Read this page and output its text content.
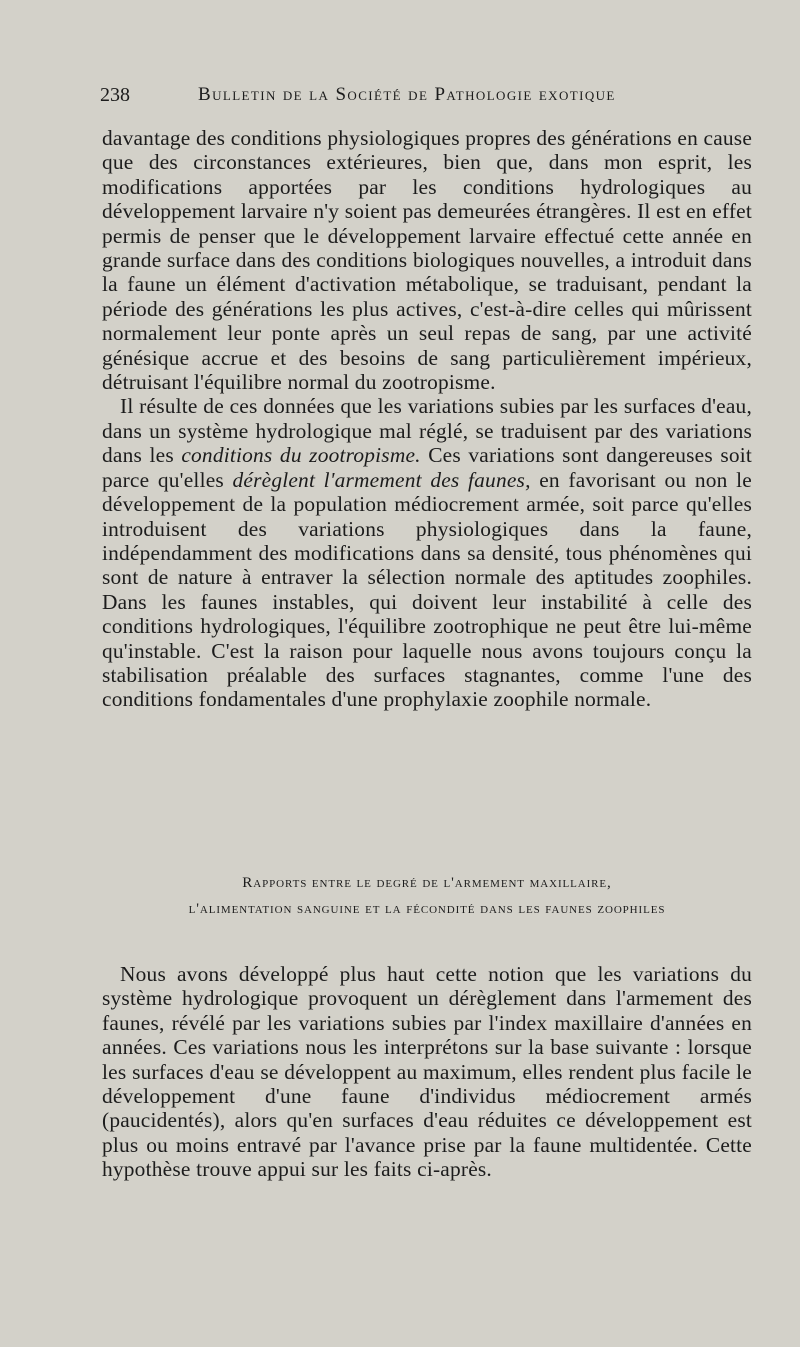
238	Bulletin de la Société de Pathologie exotique

davantage des conditions physiologiques propres des générations en cause que des circonstances extérieures, bien que, dans mon esprit, les modifications apportées par les conditions hydrologiques au développement larvaire n'y soient pas demeurées étrangères. Il est en effet permis de penser que le développement larvaire effectué cette année en grande surface dans des conditions biologiques nouvelles, a introduit dans la faune un élément d'activation métabolique, se traduisant, pendant la période des générations les plus actives, c'est-à-dire celles qui mûrissent normalement leur ponte après un seul repas de sang, par une activité génésique accrue et des besoins de sang particulièrement impérieux, détruisant l'équilibre normal du zootropisme.

Il résulte de ces données que les variations subies par les surfaces d'eau, dans un système hydrologique mal réglé, se traduisent par des variations dans les conditions du zootropisme. Ces variations sont dangereuses soit parce qu'elles dérèglent l'armement des faunes, en favorisant ou non le développement de la population médiocrement armée, soit parce qu'elles introduisent des variations physiologiques dans la faune, indépendamment des modifications dans sa densité, tous phénomènes qui sont de nature à entraver la sélection normale des aptitudes zoophiles. Dans les faunes instables, qui doivent leur instabilité à celle des conditions hydrologiques, l'équilibre zootrophique ne peut être lui-même qu'instable. C'est la raison pour laquelle nous avons toujours conçu la stabilisation préalable des surfaces stagnantes, comme l'une des conditions fondamentales d'une prophylaxie zoophile normale.

Rapports entre le degré de l'armement maxillaire,
l'alimentation sanguine et la fécondité dans les faunes zoophiles

Nous avons développé plus haut cette notion que les variations du système hydrologique provoquent un dérèglement dans l'armement des faunes, révélé par les variations subies par l'index maxillaire d'années en années. Ces variations nous les interprétons sur la base suivante : lorsque les surfaces d'eau se développent au maximum, elles rendent plus facile le développement d'une faune d'individus médiocrement armés (paucidentés), alors qu'en surfaces d'eau réduites ce développement est plus ou moins entravé par l'avance prise par la faune multidentée. Cette hypothèse trouve appui sur les faits ci-après.
